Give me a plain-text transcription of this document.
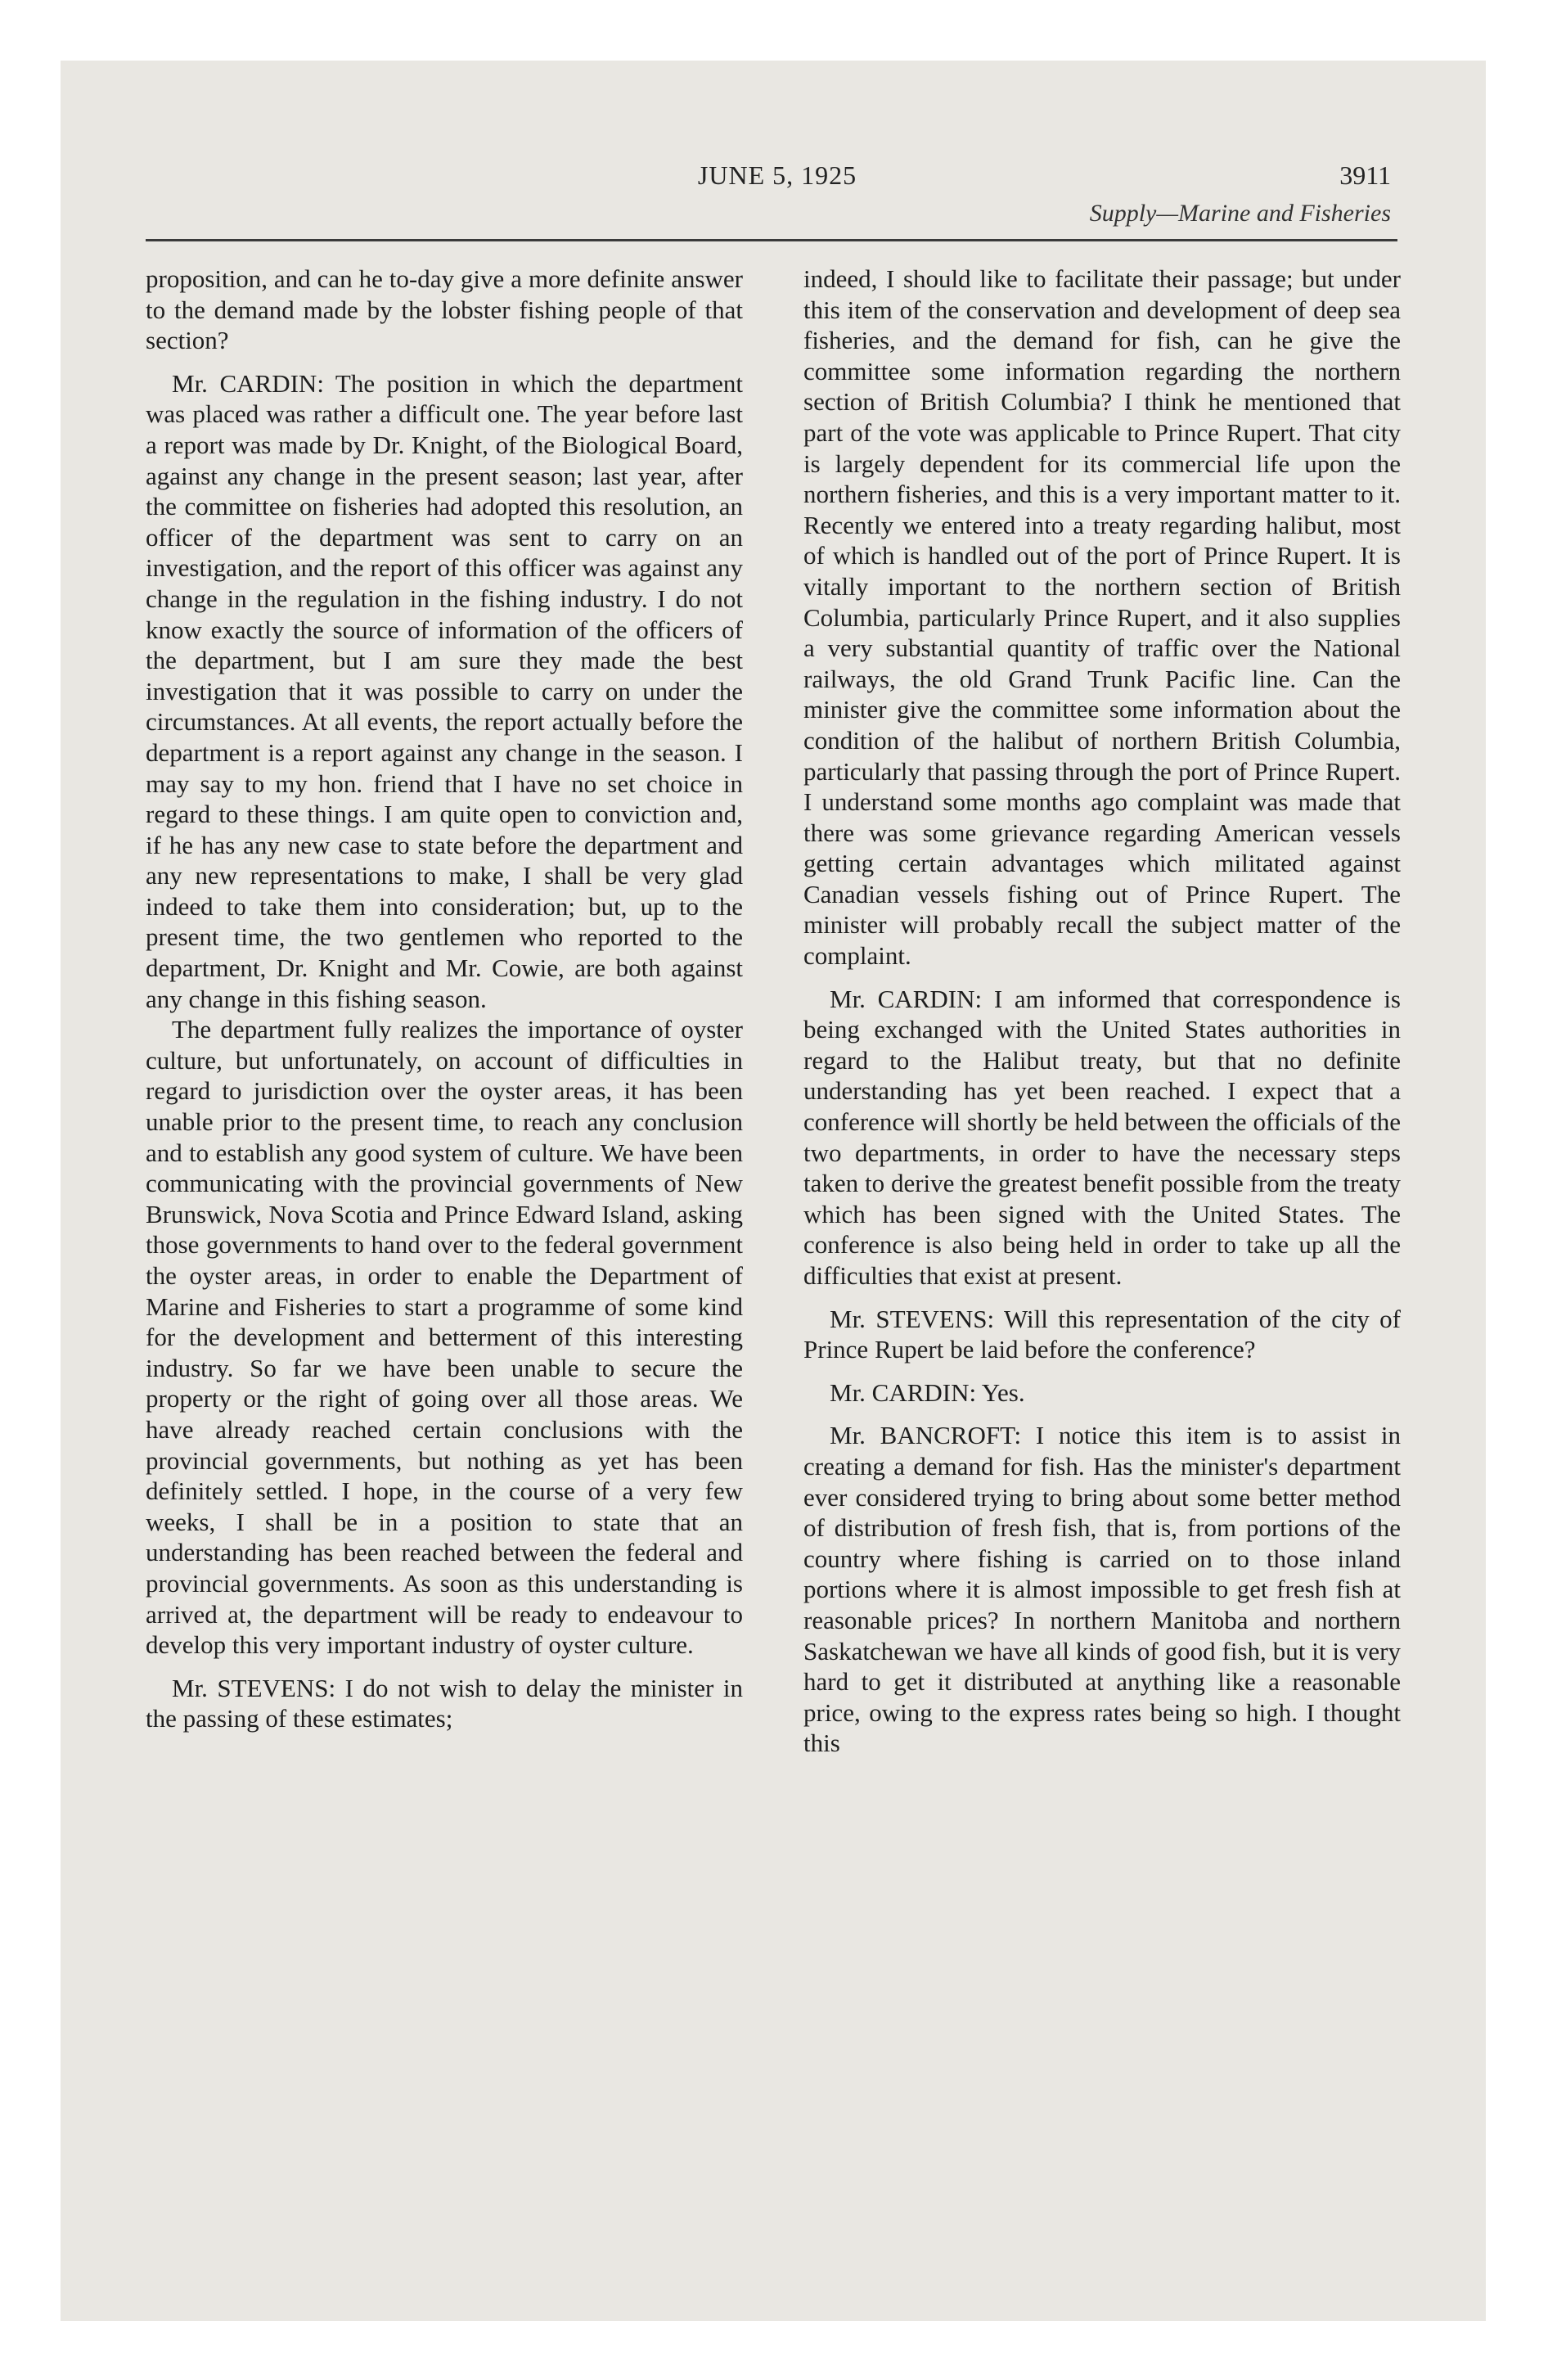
JUNE 5, 1925	3911
Supply—Marine and Fisheries

proposition, and can he to-day give a more definite answer to the demand made by the lobster fishing people of that section?

Mr. CARDIN: The position in which the department was placed was rather a difficult one. The year before last a report was made by Dr. Knight, of the Biological Board, against any change in the present season; last year, after the committee on fisheries had adopted this resolution, an officer of the department was sent to carry on an investigation, and the report of this officer was against any change in the regulation in the fishing industry. I do not know exactly the source of information of the officers of the department, but I am sure they made the best investigation that it was possible to carry on under the circumstances. At all events, the report actually before the department is a report against any change in the season. I may say to my hon. friend that I have no set choice in regard to these things. I am quite open to conviction and, if he has any new case to state before the department and any new representations to make, I shall be very glad indeed to take them into consideration; but, up to the present time, the two gentlemen who reported to the department, Dr. Knight and Mr. Cowie, are both against any change in this fishing season.

The department fully realizes the importance of oyster culture, but unfortunately, on account of difficulties in regard to jurisdiction over the oyster areas, it has been unable prior to the present time, to reach any conclusion and to establish any good system of culture. We have been communicating with the provincial governments of New Brunswick, Nova Scotia and Prince Edward Island, asking those governments to hand over to the federal government the oyster areas, in order to enable the Department of Marine and Fisheries to start a programme of some kind for the development and betterment of this interesting industry. So far we have been unable to secure the property or the right of going over all those areas. We have already reached certain conclusions with the provincial governments, but nothing as yet has been definitely settled. I hope, in the course of a very few weeks, I shall be in a position to state that an understanding has been reached between the federal and provincial governments. As soon as this understanding is arrived at, the department will be ready to endeavour to develop this very important industry of oyster culture.

Mr. STEVENS: I do not wish to delay the minister in the passing of these estimates;

indeed, I should like to facilitate their passage; but under this item of the conservation and development of deep sea fisheries, and the demand for fish, can he give the committee some information regarding the northern section of British Columbia? I think he mentioned that part of the vote was applicable to Prince Rupert. That city is largely dependent for its commercial life upon the northern fisheries, and this is a very important matter to it. Recently we entered into a treaty regarding halibut, most of which is handled out of the port of Prince Rupert. It is vitally important to the northern section of British Columbia, particularly Prince Rupert, and it also supplies a very substantial quantity of traffic over the National railways, the old Grand Trunk Pacific line. Can the minister give the committee some information about the condition of the halibut of northern British Columbia, particularly that passing through the port of Prince Rupert. I understand some months ago complaint was made that there was some grievance regarding American vessels getting certain advantages which militated against Canadian vessels fishing out of Prince Rupert. The minister will probably recall the subject matter of the complaint.

Mr. CARDIN: I am informed that correspondence is being exchanged with the United States authorities in regard to the Halibut treaty, but that no definite understanding has yet been reached. I expect that a conference will shortly be held between the officials of the two departments, in order to have the necessary steps taken to derive the greatest benefit possible from the treaty which has been signed with the United States. The conference is also being held in order to take up all the difficulties that exist at present.

Mr. STEVENS: Will this representation of the city of Prince Rupert be laid before the conference?

Mr. CARDIN: Yes.

Mr. BANCROFT: I notice this item is to assist in creating a demand for fish. Has the minister's department ever considered trying to bring about some better method of distribution of fresh fish, that is, from portions of the country where fishing is carried on to those inland portions where it is almost impossible to get fresh fish at reasonable prices? In northern Manitoba and northern Saskatchewan we have all kinds of good fish, but it is very hard to get it distributed at anything like a reasonable price, owing to the express rates being so high. I thought this
